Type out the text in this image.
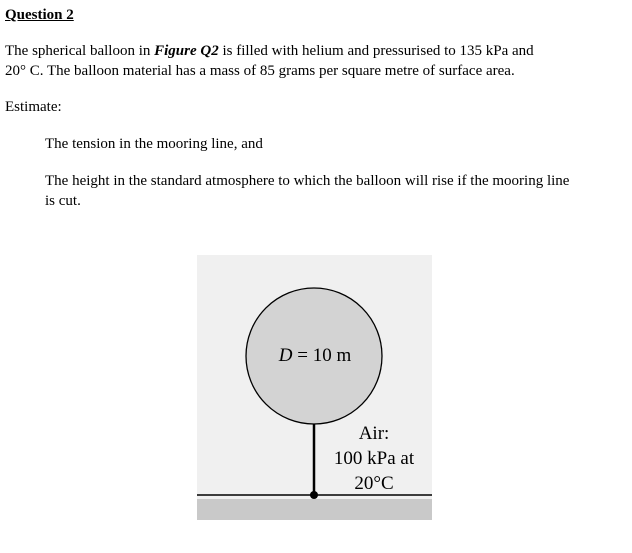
Question 2

The spherical balloon in Figure Q2 is filled with helium and pressurised to 135 kPa and

20° C. The balloon material has a mass of 85 grams per square metre of surface area.

Estimate:

The tension in the mooring line, and

The height in the standard atmosphere to which the balloon will rise if the mooring line

is cut.

D = 10 m
Air:
100 kPa at
20°C
